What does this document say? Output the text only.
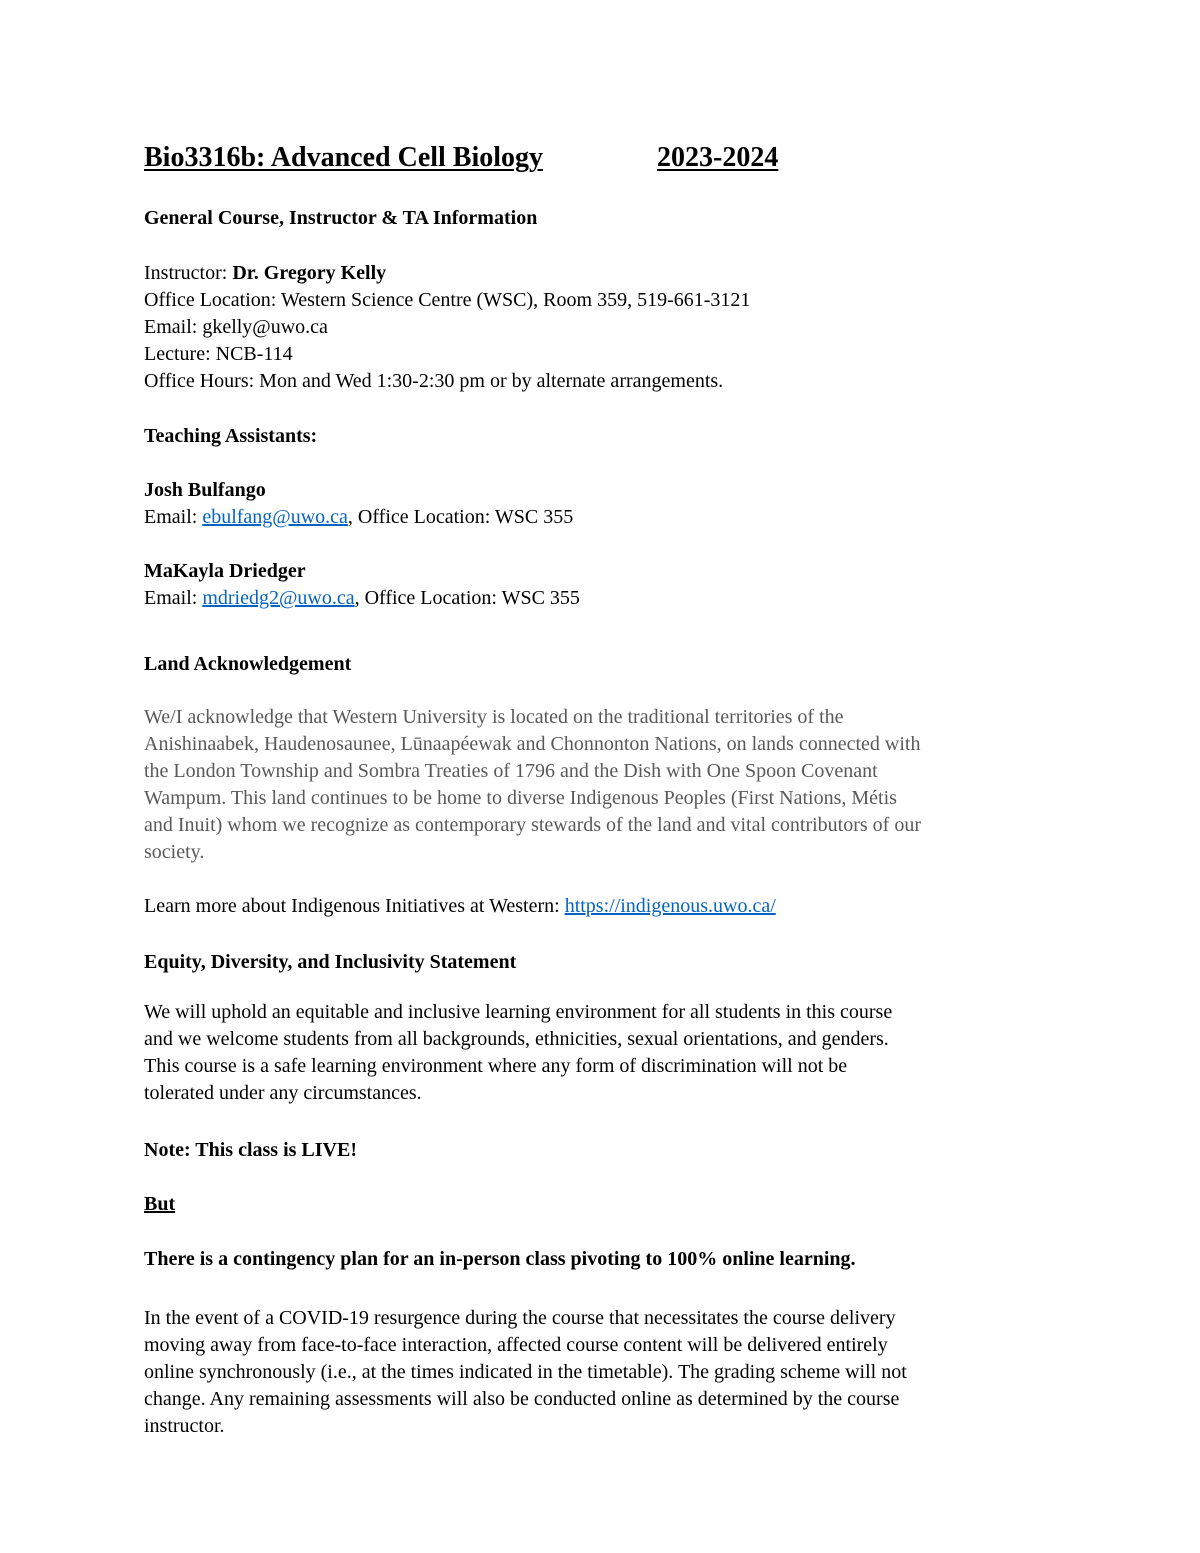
Bio3316b: Advanced Cell Biology	2023-2024
General Course, Instructor & TA Information
Instructor: Dr. Gregory Kelly
Office Location: Western Science Centre (WSC), Room 359, 519-661-3121
Email: gkelly@uwo.ca
Lecture: NCB-114
Office Hours: Mon and Wed 1:30-2:30 pm or by alternate arrangements.
Teaching Assistants:
Josh Bulfango
Email: ebulfang@uwo.ca, Office Location: WSC 355
MaKayla Driedger
Email: mdriedg2@uwo.ca, Office Location: WSC 355
Land Acknowledgement
We/I acknowledge that Western University is located on the traditional territories of the
Anishinaabek, Haudenosaunee, Lūnaapéewak and Chonnonton Nations, on lands connected with
the London Township and Sombra Treaties of 1796 and the Dish with One Spoon Covenant
Wampum. This land continues to be home to diverse Indigenous Peoples (First Nations, Métis
and Inuit) whom we recognize as contemporary stewards of the land and vital contributors of our
society.
Learn more about Indigenous Initiatives at Western: https://indigenous.uwo.ca/
Equity, Diversity, and Inclusivity Statement
We will uphold an equitable and inclusive learning environment for all students in this course
and we welcome students from all backgrounds, ethnicities, sexual orientations, and genders.
This course is a safe learning environment where any form of discrimination will not be
tolerated under any circumstances.
Note: This class is LIVE!
But
There is a contingency plan for an in-person class pivoting to 100% online learning.
In the event of a COVID-19 resurgence during the course that necessitates the course delivery
moving away from face-to-face interaction, affected course content will be delivered entirely
online synchronously (i.e., at the times indicated in the timetable). The grading scheme will not
change. Any remaining assessments will also be conducted online as determined by the course
instructor.
